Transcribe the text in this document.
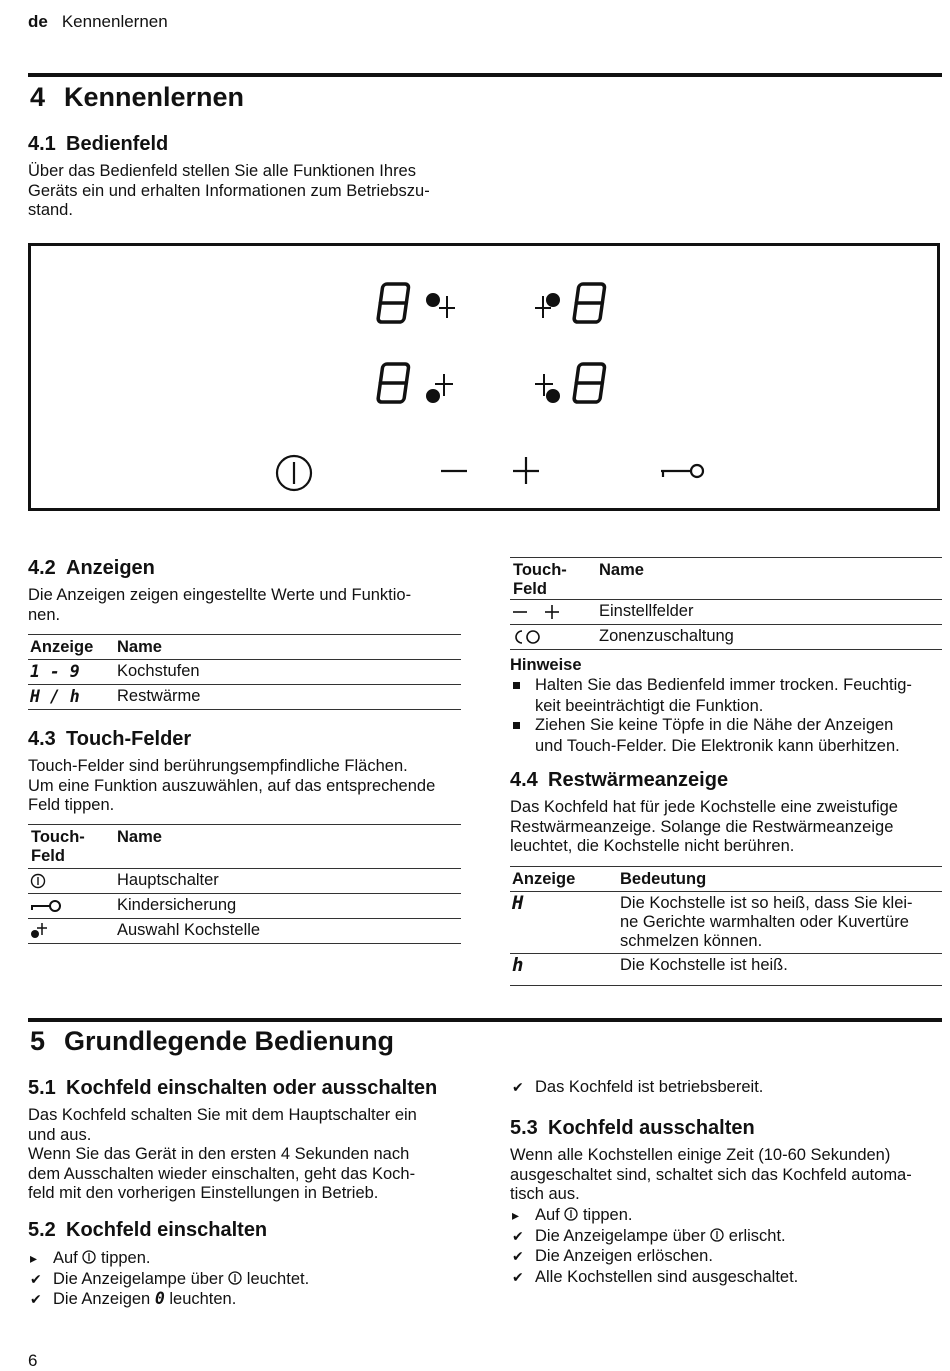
de Kennenlernen
4 Kennenlernen
4.1 Bedienfeld
Über das Bedienfeld stellen Sie alle Funktionen Ihres
Geräts ein und erhalten Informationen zum Betriebszu-
stand.
4.2 Anzeigen
Die Anzeigen zeigen eingestellte Werte und Funktio-
nen.
Anzeige Name
1 - 9 Kochstufen
H / h Restwärme
4.3 Touch-Felder
Touch-Felder sind berührungsempfindliche Flächen.
Um eine Funktion auszuwählen, auf das entsprechende
Feld tippen.
Touch-
Feld
Name
Hauptschalter
Kindersicherung
Auswahl Kochstelle
Touch-
Feld
Name
Einstellfelder
Zonenzuschaltung
Hinweise
Halten Sie das Bedienfeld immer trocken. Feuchtig-
keit beeinträchtigt die Funktion.
Ziehen Sie keine Töpfe in die Nähe der Anzeigen
und Touch-Felder. Die Elektronik kann überhitzen.
4.4 Restwärmeanzeige
Das Kochfeld hat für jede Kochstelle eine zweistufige
Restwärmeanzeige. Solange die Restwärmeanzeige
leuchtet, die Kochstelle nicht berühren.
Anzeige	Bedeutung
H	Die Kochstelle ist so heiß, dass Sie klei-
ne Gerichte warmhalten oder Kuvertüre
schmelzen können.
h	Die Kochstelle ist heiß.
5 Grundlegende Bedienung
5.1 Kochfeld einschalten oder ausschalten
Das Kochfeld schalten Sie mit dem Hauptschalter ein
und aus.
Wenn Sie das Gerät in den ersten 4 Sekunden nach
dem Ausschalten wieder einschalten, geht das Koch-
feld mit den vorherigen Einstellungen in Betrieb.
5.2 Kochfeld einschalten
▸ Auf  tippen.
✔ Die Anzeigelampe über  leuchtet.
✔ Die Anzeigen 0 leuchten.
✔ Das Kochfeld ist betriebsbereit.
5.3 Kochfeld ausschalten
Wenn alle Kochstellen einige Zeit (10-60 Sekunden)
ausgeschaltet sind, schaltet sich das Kochfeld automa-
tisch aus.
▸ Auf  tippen.
✔ Die Anzeigelampe über  erlischt.
✔ Die Anzeigen erlöschen.
✔ Alle Kochstellen sind ausgeschaltet.
6
